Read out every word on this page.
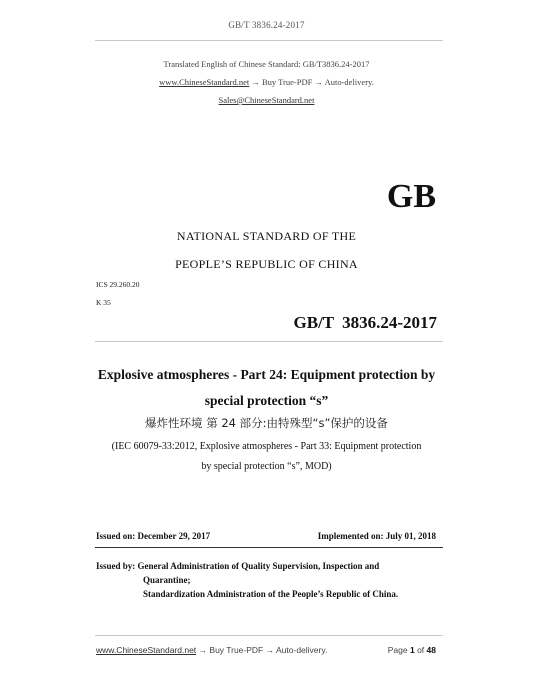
GB/T 3836.24-2017
Translated English of Chinese Standard: GB/T3836.24-2017
www.ChineseStandard.net → Buy True-PDF → Auto-delivery.
Sales@ChineseStandard.net
GB
NATIONAL STANDARD OF THE
PEOPLE’S REPUBLIC OF CHINA
ICS 29.260.20
K 35
GB/T 3836.24-2017
Explosive atmospheres - Part 24: Equipment protection by
special protection “s”
爆炸性环境 第 24 部分:由特殊型“s”保护的设备
(IEC 60079-33:2012, Explosive atmospheres - Part 33: Equipment protection
by special protection “s”, MOD)
Issued on: December 29, 2017	Implemented on: July 01, 2018
Issued by: General Administration of Quality Supervision, Inspection and
Quarantine;
Standardization Administration of the People’s Republic of China.
www.ChineseStandard.net → Buy True-PDF → Auto-delivery.	Page 1 of 48
